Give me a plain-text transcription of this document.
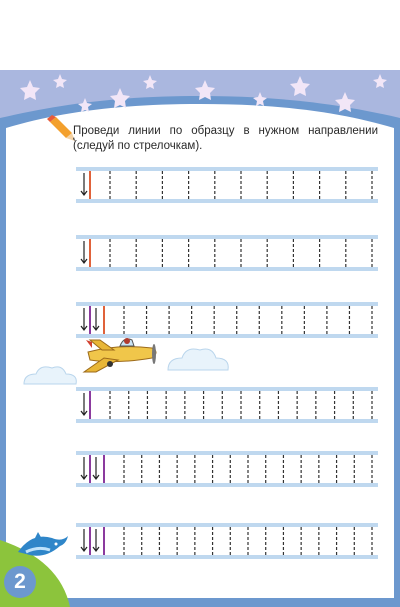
Проведи линии по образцу в нужном направлении (следуй по стрелочкам).
2
